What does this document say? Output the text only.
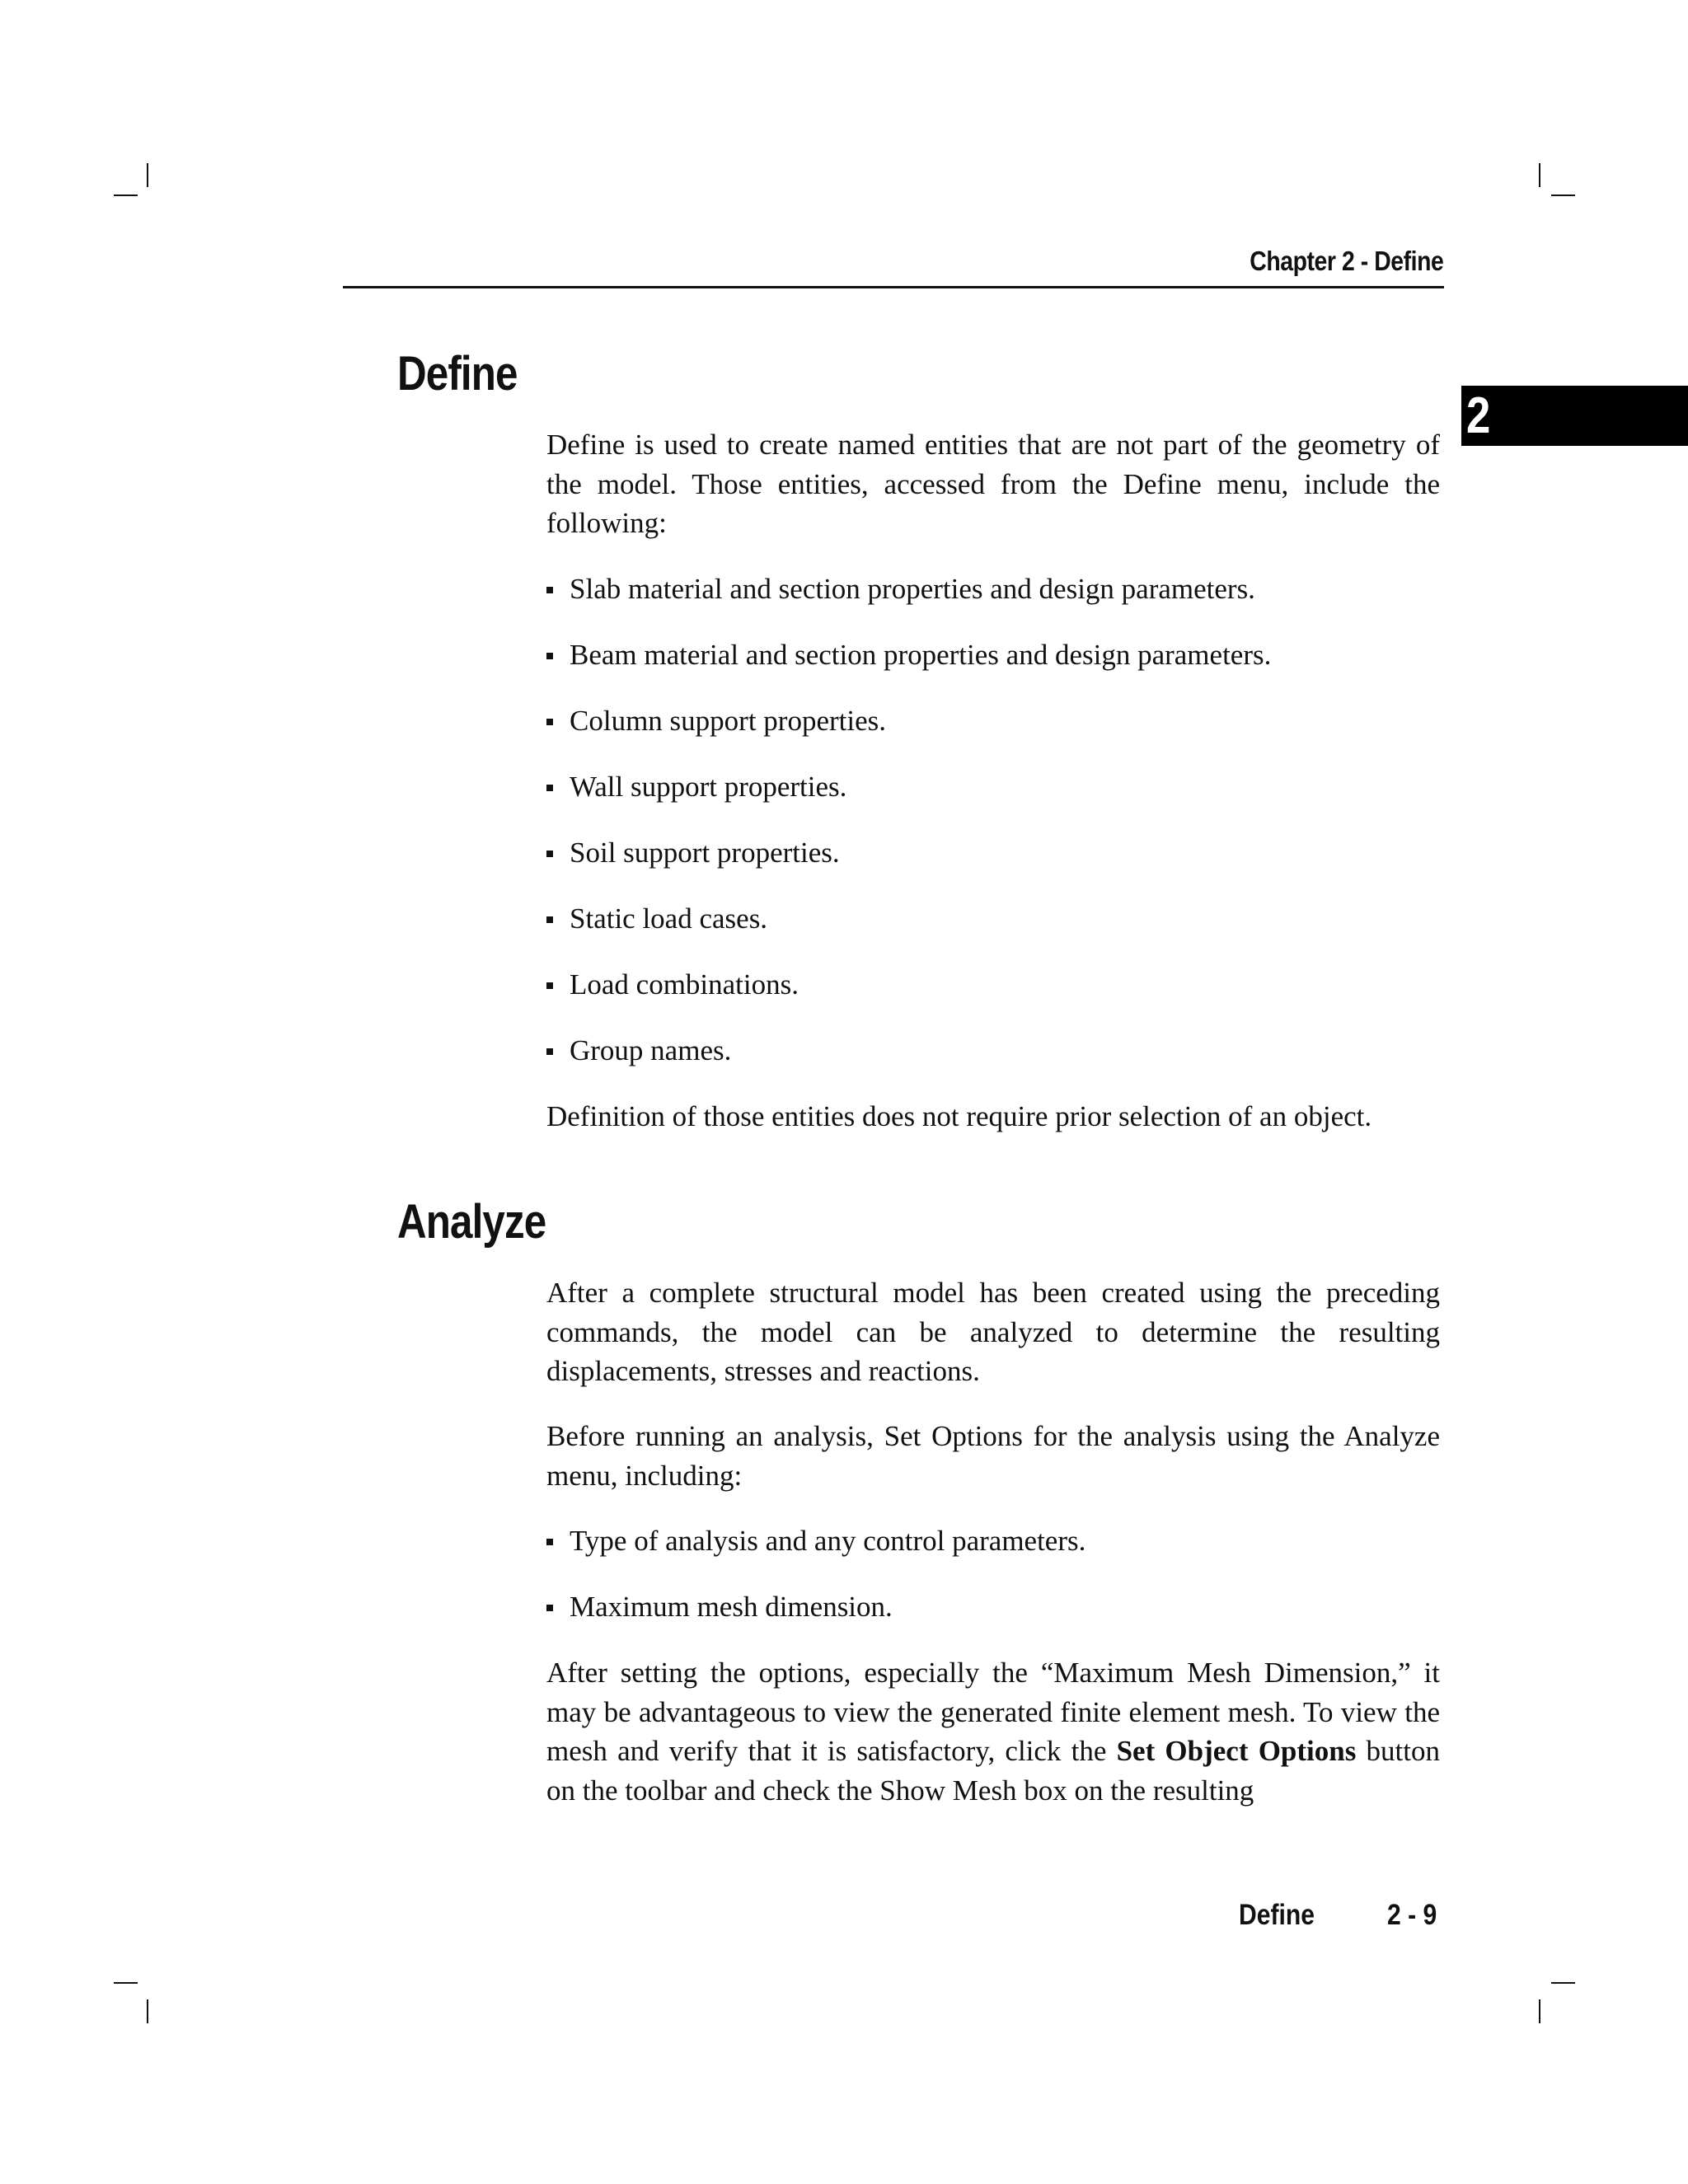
Chapter 2 - Define
2
Define

Define is used to create named entities that are not part of the geometry of the model. Those entities, accessed from the Define menu, include the following:

Slab material and section properties and design parameters.
Beam material and section properties and design parameters.
Column support properties.
Wall support properties.
Soil support properties.
Static load cases.
Load combinations.
Group names.

Definition of those entities does not require prior selection of an object.

Analyze

After a complete structural model has been created using the preceding commands, the model can be analyzed to determine the resulting displacements, stresses and reactions.

Before running an analysis, Set Options for the analysis using the Analyze menu, including:

Type of analysis and any control parameters.
Maximum mesh dimension.

After setting the options, especially the “Maximum Mesh Dimension,” it may be advantageous to view the generated finite element mesh. To view the mesh and verify that it is satisfactory, click the Set Object Options button on the toolbar and check the Show Mesh box on the resulting

Define	2 - 9
